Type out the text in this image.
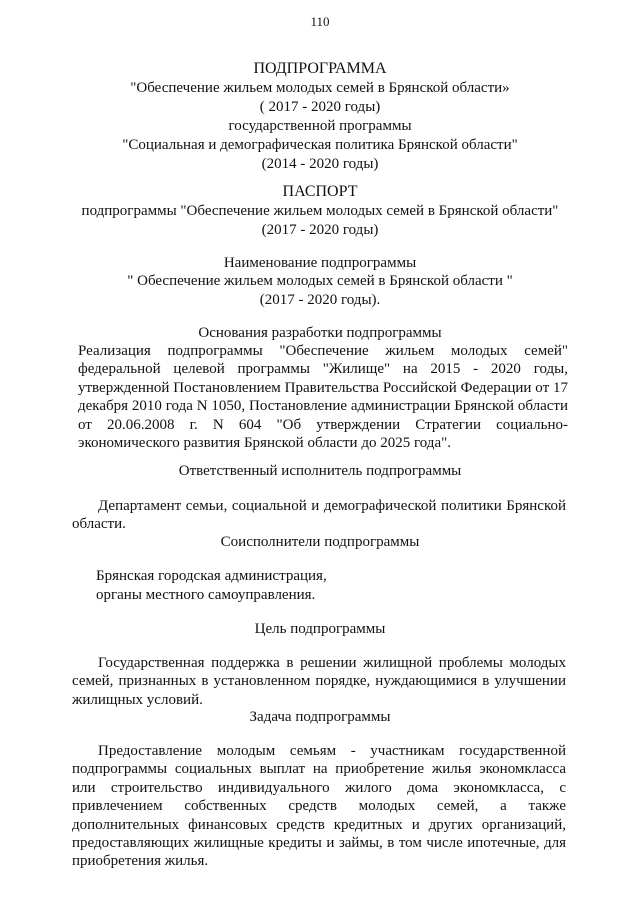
110
ПОДПРОГРАММА
"Обеспечение жильем молодых семей в Брянской области»
( 2017 - 2020 годы)
государственной программы
"Социальная и демографическая политика Брянской области"
(2014 - 2020 годы)
ПАСПОРТ
подпрограммы "Обеспечение жильем молодых семей в Брянской области"
(2017 - 2020 годы)
Наименование подпрограммы
" Обеспечение жильем молодых семей в Брянской области "
(2017 - 2020 годы).
Основания разработки подпрограммы

Реализация подпрограммы "Обеспечение жильем молодых семей" федеральной целевой программы "Жилище" на 2015 - 2020 годы, утвержденной Постановлением Правительства Российской Федерации от 17 декабря 2010 года N 1050, Постановление администрации Брянской области от 20.06.2008 г. N 604 "Об утверждении Стратегии социально-экономического развития Брянской области до 2025 года".

Ответственный исполнитель подпрограммы

Департамент семьи, социальной и демографической политики Брянской области.

Соисполнители подпрограммы
Брянская городская администрация,
органы местного самоуправления.
Цель подпрограммы

Государственная поддержка в решении жилищной проблемы молодых семей, признанных в установленном порядке, нуждающимися в улучшении жилищных условий.

Задача подпрограммы

Предоставление молодым семьям - участникам государственной подпрограммы социальных выплат на приобретение жилья экономкласса или строительство индивидуального жилого дома экономкласса, с привлечением собственных средств молодых семей, а также дополнительных финансовых средств кредитных и других организаций, предоставляющих жилищные кредиты и займы, в том числе ипотечные, для приобретения жилья.
